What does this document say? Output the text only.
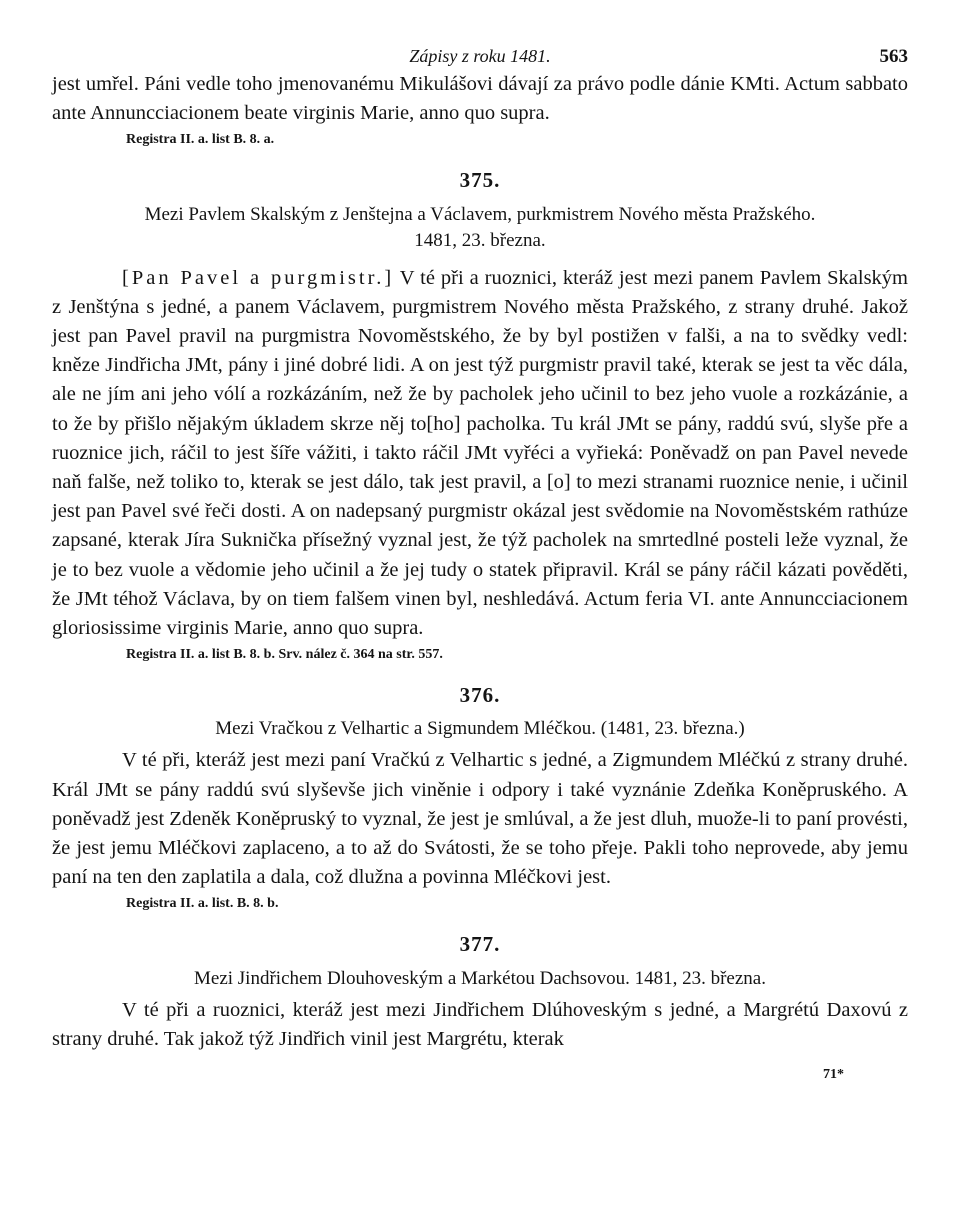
Zápisy z roku 1481.	563

jest umřel. Páni vedle toho jmenovanému Mikulášovi dávají za právo podle dánie KMti. Actum sabbato ante Annuncciacionem beate virginis Marie, anno quo supra.

Registra II. a. list B. 8. a.
375.
Mezi Pavlem Skalským z Jenštejna a Václavem, purkmistrem Nového města Pražského.
1481, 23. března.

[Pan Pavel a purgmistr.] V té při a ruoznici, kteráž jest mezi panem Pavlem Skalským z Jenštýna s jedné, a panem Václavem, purgmistrem Nového města Pražského, z strany druhé. Jakož jest pan Pavel pravil na purgmistra Novoměstského, že by byl postižen v falši, a na to svědky vedl: kněze Jindřicha JMt, pány i jiné dobré lidi. A on jest týž purgmistr pravil také, kterak se jest ta věc dála, ale ne jím ani jeho vólí a rozkázáním, než že by pacholek jeho učinil to bez jeho vuole a rozkázánie, a to že by přišlo nějakým úkladem skrze něj to[ho] pacholka. Tu král JMt se pány, raddú svú, slyše pře a ruoznice jich, ráčil to jest šíře vážiti, i takto ráčil JMt vyřéci a vyřieká: Poněvadž on pan Pavel nevede naň falše, než toliko to, kterak se jest dálo, tak jest pravil, a [o] to mezi stranami ruoznice nenie, i učinil jest pan Pavel své řeči dosti. A on nadepsaný purgmistr okázal jest svědomie na Novoměstském rathúze zapsané, kterak Jíra Suknička přísežný vyznal jest, že týž pacholek na smrtedlné posteli leže vyznal, že je to bez vuole a vědomie jeho učinil a že jej tudy o statek připravil. Král se pány ráčil kázati pověděti, že JMt téhož Václava, by on tiem falšem vinen byl, neshledává. Actum feria VI. ante Annuncciacionem gloriosissime virginis Marie, anno quo supra.

Registra II. a. list B. 8. b. Srv. nález č. 364 na str. 557.
376.
Mezi Vračkou z Velhartic a Sigmundem Mléčkou. (1481, 23. března.)

V té při, kteráž jest mezi paní Vračkú z Velhartic s jedné, a Zigmundem Mléčkú z strany druhé. Král JMt se pány raddú svú slyševše jich viněnie i odpory i také vyznánie Zdeňka Koněpruského. A poněvadž jest Zdeněk Koněpruský to vyznal, že jest je smlúval, a že jest dluh, muože-li to paní provésti, že jest jemu Mléčkovi zaplaceno, a to až do Svátosti, že se toho přeje. Pakli toho neprovede, aby jemu paní na ten den zaplatila a dala, což dlužna a povinna Mléčkovi jest.

Registra II. a. list. B. 8. b.
377.
Mezi Jindřichem Dlouhoveským a Markétou Dachsovou. 1481, 23. března.

V té při a ruoznici, kteráž jest mezi Jindřichem Dlúhoveským s jedné, a Margrétú Daxovú z strany druhé. Tak jakož týž Jindřich vinil jest Margrétu, kterak

71*
